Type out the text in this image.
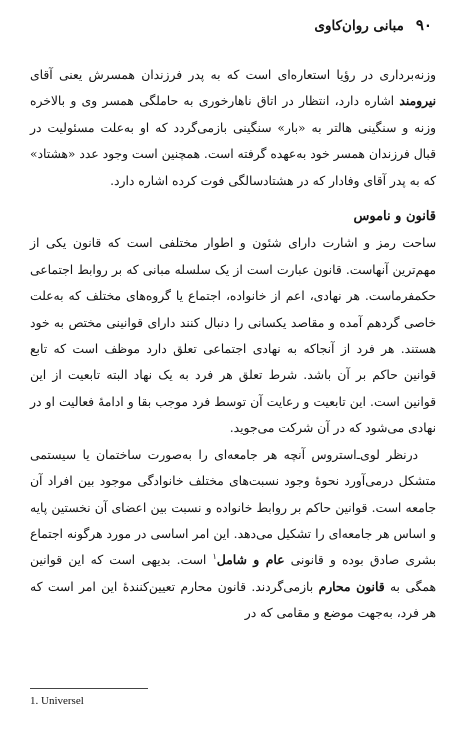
۹۰
مبانی روان‌کاوی

وزنه‌برداری در رؤیا استعاره‌ای است که به پدر فرزندان همسرش یعنی آقای نیرومند اشاره دارد، انتظار در اتاق ناهارخوری به حاملگی همسر وی و بالاخره وزنه و سنگینی هالتر به «بار» سنگینی بازمی‌گردد که او به‌علت مسئولیت در قبال فرزندان همسر خود به‌عهده گرفته است. همچنین است وجود عدد «هشتاد» که به پدر آقای وفادار که در هشتادسالگی فوت کرده اشاره دارد.

قانون و ناموس

ساحت رمز و اشارت دارای شئون و اطوار مختلفی است که قانون یکی از مهم‌ترین آنهاست. قانون عبارت است از یک سلسله مبانی که بر روابط اجتماعی حکمفرماست. هر نهادی، اعم از خانواده، اجتماع یا گروه‌های مختلف که به‌علت خاصی گردهم آمده و مقاصد یکسانی را دنبال کنند دارای قوانینی مختص به خود هستند. هر فرد از آنجاکه به نهادی اجتماعی تعلق دارد موظف است که تابع قوانین حاکم بر آن باشد. شرط تعلق هر فرد به یک نهاد البته تابعیت از این قوانین است. این تابعیت و رعایت آن توسط فرد موجب بقا و ادامهٔ فعالیت او در نهادی می‌شود که در آن شرکت می‌جوید.

درنظر لوی‌ـ‌استروس آنچه هر جامعه‌ای را به‌صورت ساختمان یا سیستمی متشکل درمی‌آورد نحوهٔ وجود نسبت‌های مختلف خانوادگی موجود بین افراد آن جامعه است. قوانین حاکم بر روابط خانواده و نسبت بین اعضای آن نخستین پایه و اساس هر جامعه‌ای را تشکیل می‌دهد. این امر اساسی در مورد هرگونه اجتماع بشری صادق بوده و قانونی عام و شامل$^۱$ است. بدیهی است که این قوانین همگی به قانون محارم بازمی‌گردند. قانون محارم تعیین‌کنندهٔ این امر است که هر فرد، به‌جهت موضع و مقامی که در

1. Universel
